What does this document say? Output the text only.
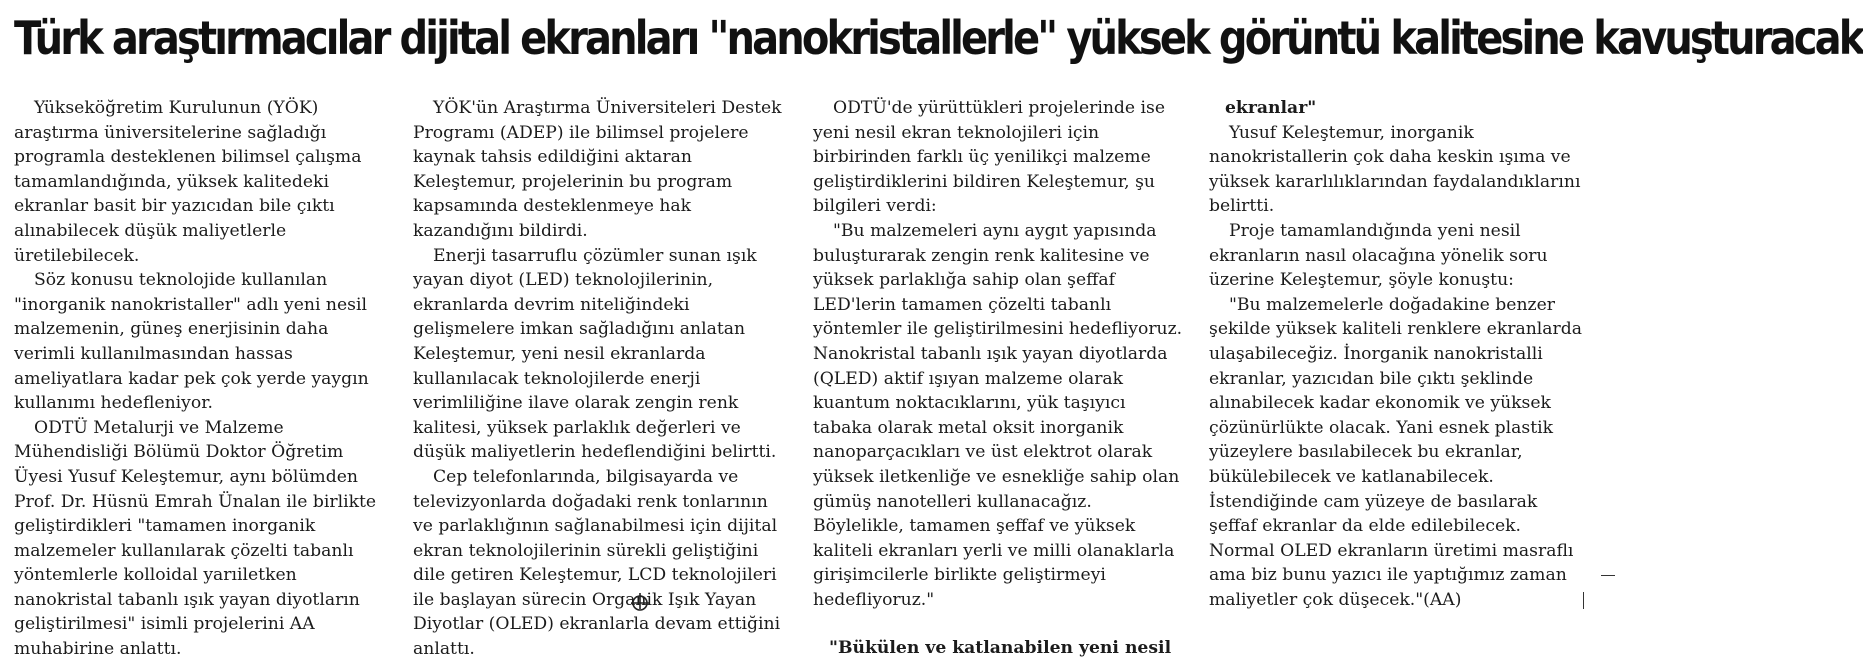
Türk araştırmacılar dijital ekranları "nanokristallerle" yüksek görüntü kalitesine kavuşturacak

Yükseköğretim Kurulunun (YÖK) araştırma üniversitelerine sağladığı programla desteklenen bilimsel çalışma tamamlandığında, yüksek kalitedeki ekranlar basit bir yazıcıdan bile çıktı alınabilecek düşük maliyetlerle üretilebilecek.

Söz konusu teknolojide kullanılan "inorganik nanokristaller" adlı yeni nesil malzemenin, güneş enerjisinin daha verimli kullanılmasından hassas ameliyatlara kadar pek çok yerde yaygın kullanımı hedefleniyor.

ODTÜ Metalurji ve Malzeme Mühendisliği Bölümü Doktor Öğretim Üyesi Yusuf Keleştemur, aynı bölümden Prof. Dr. Hüsnü Emrah Ünalan ile birlikte geliştirdikleri "tamamen inorganik malzemeler kullanılarak çözelti tabanlı yöntemlerle kolloidal yarıiletken nanokristal tabanlı ışık yayan diyotların geliştirilmesi" isimli projelerini AA muhabirine anlattı.

YÖK'ün Araştırma Üniversiteleri Destek Programı (ADEP) ile bilimsel projelere kaynak tahsis edildiğini aktaran Keleştemur, projelerinin bu program kapsamında desteklenmeye hak kazandığını bildirdi.

Enerji tasarruflu çözümler sunan ışık yayan diyot (LED) teknolojilerinin, ekranlarda devrim niteliğindeki gelişmelere imkan sağladığını anlatan Keleştemur, yeni nesil ekranlarda kullanılacak teknolojilerde enerji verimliliğine ilave olarak zengin renk kalitesi, yüksek parlaklık değerleri ve düşük maliyetlerin hedeflendiğini belirtti.

Cep telefonlarında, bilgisayarda ve televizyonlarda doğadaki renk tonlarının ve parlaklığının sağlanabilmesi için dijital ekran teknolojilerinin sürekli geliştiğini dile getiren Keleştemur, LCD teknolojileri ile başlayan sürecin Organik Işık Yayan Diyotlar (OLED) ekranlarla devam ettiğini anlattı.

ODTÜ'de yürüttükleri projelerinde ise yeni nesil ekran teknolojileri için birbirinden farklı üç yenilikçi malzeme geliştirdiklerini bildiren Keleştemur, şu bilgileri verdi:

"Bu malzemeleri aynı aygıt yapısında buluşturarak zengin renk kalitesine ve yüksek parlaklığa sahip olan şeffaf LED'lerin tamamen çözelti tabanlı yöntemler ile geliştirilmesini hedefliyoruz. Nanokristal tabanlı ışık yayan diyotlarda (QLED) aktif ışıyan malzeme olarak kuantum noktacıklarını, yük taşıyıcı tabaka olarak metal oksit inorganik nanoparçacıkları ve üst elektrot olarak yüksek iletkenliğe ve esnekliğe sahip olan gümüş nanotelleri kullanacağız. Böylelikle, tamamen şeffaf ve yüksek kaliteli ekranları yerli ve milli olanaklarla girişimcilerle birlikte geliştirmeyi hedefliyoruz."

"Bükülen ve katlanabilen yeni nesil

ekranlar"

Yusuf Keleştemur, inorganik nanokristallerin çok daha keskin ışıma ve yüksek kararlılıklarından faydalandıklarını belirtti.

Proje tamamlandığında yeni nesil ekranların nasıl olacağına yönelik soru üzerine Keleştemur, şöyle konuştu:

"Bu malzemelerle doğadakine benzer şekilde yüksek kaliteli renklere ekranlarda ulaşabileceğiz. İnorganik nanokristalli ekranlar, yazıcıdan bile çıktı şeklinde alınabilecek kadar ekonomik ve yüksek çözünürlükte olacak. Yani esnek plastik yüzeylere basılabilecek bu ekranlar, bükülebilecek ve katlanabilecek. İstendiğinde cam yüzeye de basılarak şeffaf ekranlar da elde edilebilecek. Normal OLED ekranların üretimi masraflı ama biz bunu yazıcı ile yaptığımız zaman maliyetler çok düşecek."(AA)
